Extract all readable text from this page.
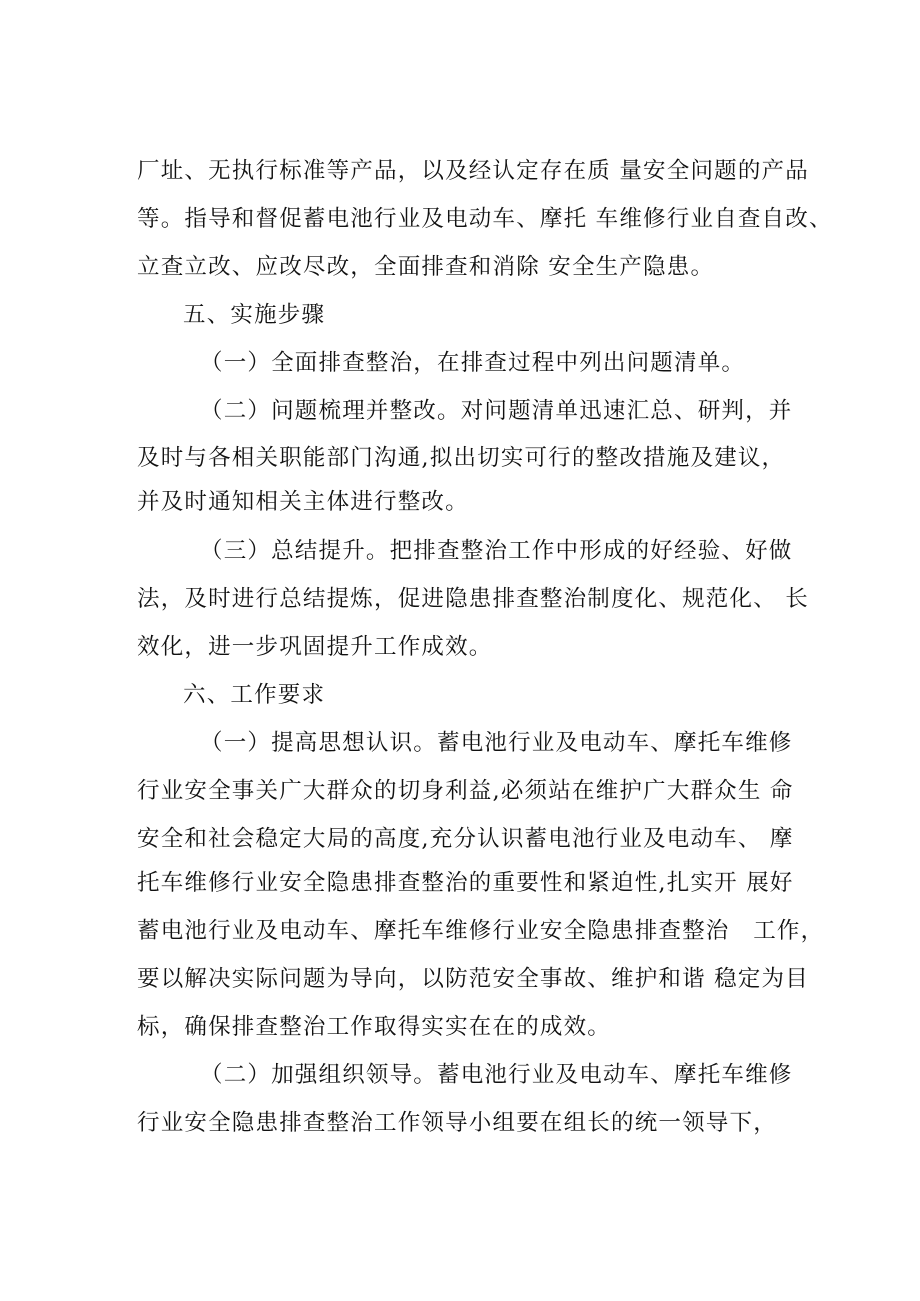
厂址、无执行标准等产品，以及经认定存在质 量安全问题的产品
等。指导和督促蓄电池行业及电动车、摩托 车维修行业自查自改、
立查立改、应改尽改，全面排查和消除 安全生产隐患。
五、实施步骤
（一）全面排查整治，在排查过程中列出问题清单。
（二）问题梳理并整改。对问题清单迅速汇总、研判，并
及时与各相关职能部门沟通,拟出切实可行的整改措施及建议，
并及时通知相关主体进行整改。
（三）总结提升。把排查整治工作中形成的好经验、好做
法，及时进行总结提炼，促进隐患排查整治制度化、规范化、 长
效化，进一步巩固提升工作成效。
六、工作要求
（一）提高思想认识。蓄电池行业及电动车、摩托车维修
行业安全事关广大群众的切身利益,必须站在维护广大群众生 命
安全和社会稳定大局的高度,充分认识蓄电池行业及电动车、 摩
托车维修行业安全隐患排查整治的重要性和紧迫性,扎实开 展好
蓄电池行业及电动车、摩托车维修行业安全隐患排查整治　工作，
要以解决实际问题为导向，以防范安全事故、维护和谐 稳定为目
标，确保排查整治工作取得实实在在的成效。
（二）加强组织领导。蓄电池行业及电动车、摩托车维修
行业安全隐患排查整治工作领导小组要在组长的统一领导下，
